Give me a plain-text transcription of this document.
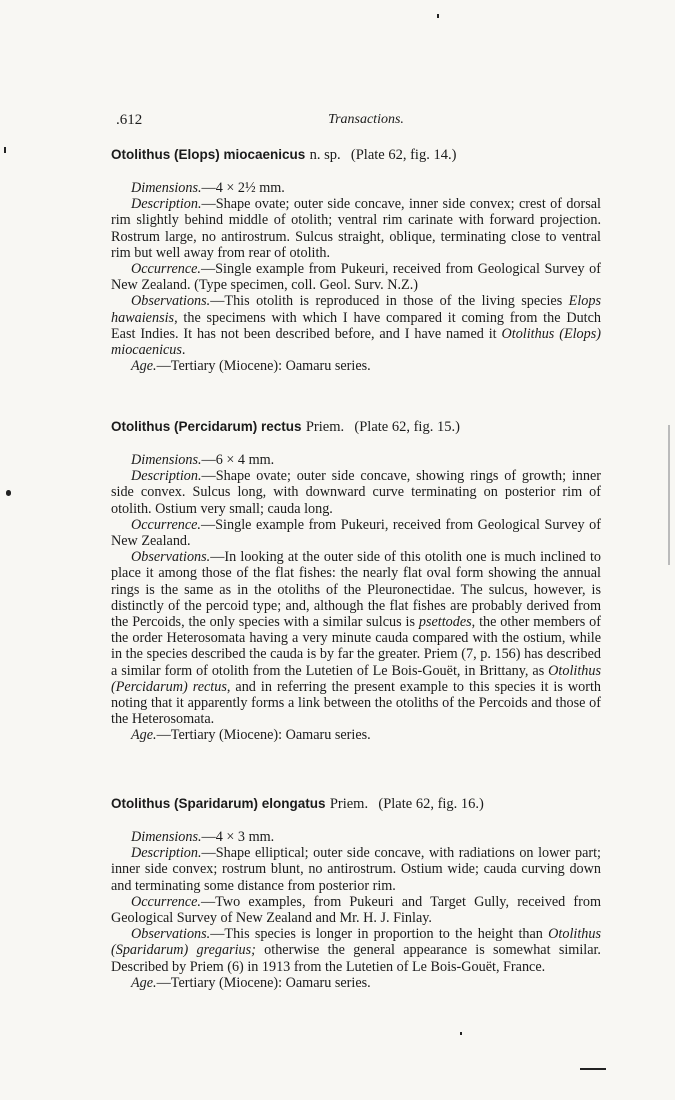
.612	Transactions.
Otolithus (Elops) miocaenicus n. sp. (Plate 62, fig. 14.)

Dimensions.—4 × 2½ mm.

Description.—Shape ovate; outer side concave, inner side convex; crest of dorsal rim slightly behind middle of otolith; ventral rim carinate with forward projection. Rostrum large, no antirostrum. Sulcus straight, oblique, terminating close to ventral rim but well away from rear of otolith.

Occurrence.—Single example from Pukeuri, received from Geological Survey of New Zealand. (Type specimen, coll. Geol. Surv. N.Z.)

Observations.—This otolith is reproduced in those of the living species Elops hawaiensis, the specimens with which I have compared it coming from the Dutch East Indies. It has not been described before, and I have named it Otolithus (Elops) miocaenicus.

Age.—Tertiary (Miocene): Oamaru series.

Otolithus (Percidarum) rectus Priem. (Plate 62, fig. 15.)

Dimensions.—6 × 4 mm.

Description.—Shape ovate; outer side concave, showing rings of growth; inner side convex. Sulcus long, with downward curve terminating on posterior rim of otolith. Ostium very small; cauda long.

Occurrence.—Single example from Pukeuri, received from Geological Survey of New Zealand.

Observations.—In looking at the outer side of this otolith one is much inclined to place it among those of the flat fishes: the nearly flat oval form showing the annual rings is the same as in the otoliths of the Pleuronectidae. The sulcus, however, is distinctly of the percoid type; and, although the flat fishes are probably derived from the Percoids, the only species with a similar sulcus is psettodes, the other members of the order Heterosomata having a very minute cauda compared with the ostium, while in the species described the cauda is by far the greater. Priem (7, p. 156) has described a similar form of otolith from the Lutetien of Le Bois-Gouët, in Brittany, as Otolithus (Percidarum) rectus, and in referring the present example to this species it is worth noting that it apparently forms a link between the otoliths of the Percoids and those of the Heterosomata.

Age.—Tertiary (Miocene): Oamaru series.

Otolithus (Sparidarum) elongatus Priem. (Plate 62, fig. 16.)

Dimensions.—4 × 3 mm.

Description.—Shape elliptical; outer side concave, with radiations on lower part; inner side convex; rostrum blunt, no antirostrum. Ostium wide; cauda curving down and terminating some distance from posterior rim.

Occurrence.—Two examples, from Pukeuri and Target Gully, received from Geological Survey of New Zealand and Mr. H. J. Finlay.

Observations.—This species is longer in proportion to the height than Otolithus (Sparidarum) gregarius; otherwise the general appearance is somewhat similar. Described by Priem (6) in 1913 from the Lutetien of Le Bois-Gouët, France.

Age.—Tertiary (Miocene): Oamaru series.
